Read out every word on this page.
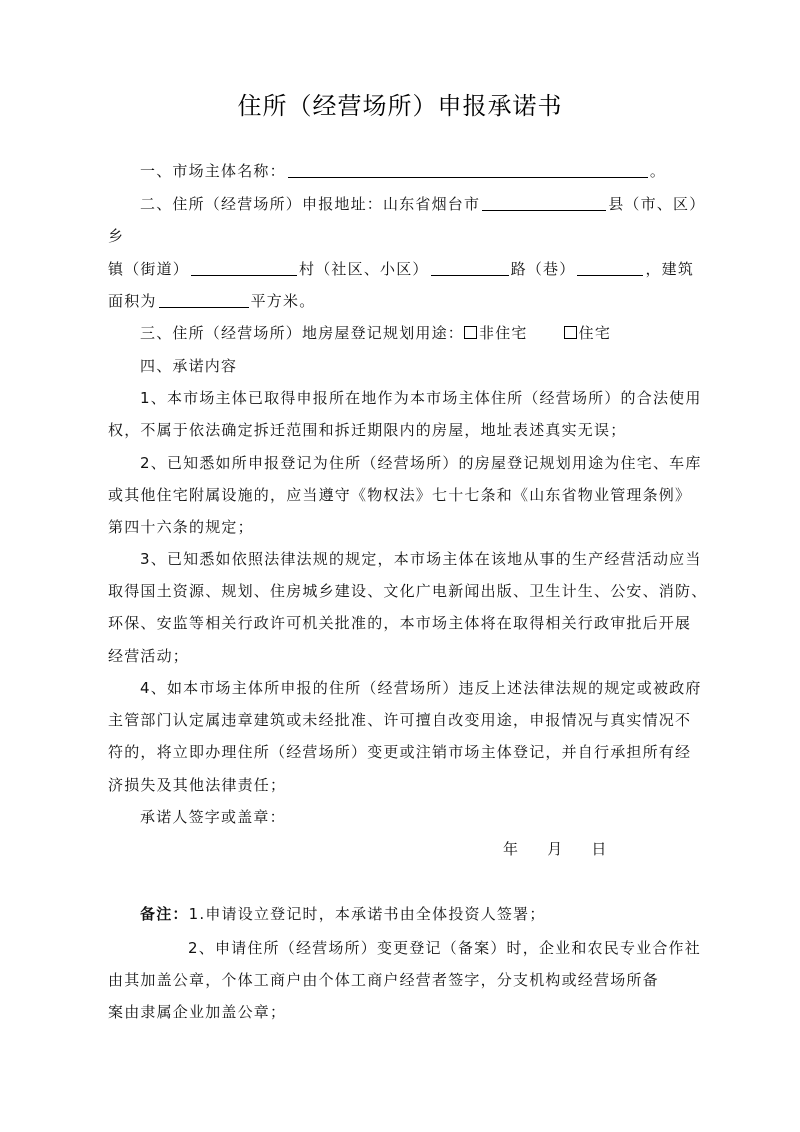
住所（经营场所）申报承诺书
一、市场主体名称：	。
二、住所（经营场所）申报地址：山东省烟台市	县（市、区）
乡
镇（街道）	村（社区、小区）	路（巷）	，建筑
面积为	平方米。
三、住所（经营场所）地房屋登记规划用途： 非住宅	住宅
四、承诺内容
1、本市场主体已取得申报所在地作为本市场主体住所（经营场所）的合法使用
权，不属于依法确定拆迁范围和拆迁期限内的房屋，地址表述真实无误；
2、已知悉如所申报登记为住所（经营场所）的房屋登记规划用途为住宅、车库
或其他住宅附属设施的，应当遵守《物权法》七十七条和《山东省物业管理条例》
第四十六条的规定；
3、已知悉如依照法律法规的规定，本市场主体在该地从事的生产经营活动应当
取得国土资源、规划、住房城乡建设、文化广电新闻出版、卫生计生、公安、消防、
环保、安监等相关行政许可机关批准的，本市场主体将在取得相关行政审批后开展
经营活动；
4、如本市场主体所申报的住所（经营场所）违反上述法律法规的规定或被政府
主管部门认定属违章建筑或未经批准、许可擅自改变用途，申报情况与真实情况不
符的，将立即办理住所（经营场所）变更或注销市场主体登记，并自行承担所有经
济损失及其他法律责任；
承诺人签字或盖章：
年 月 日
备注：1.申请设立登记时，本承诺书由全体投资人签署；
2、申请住所（经营场所）变更登记（备案）时，企业和农民专业合作社
由其加盖公章，个体工商户由个体工商户经营者签字，分支机构或经营场所备
案由隶属企业加盖公章；
